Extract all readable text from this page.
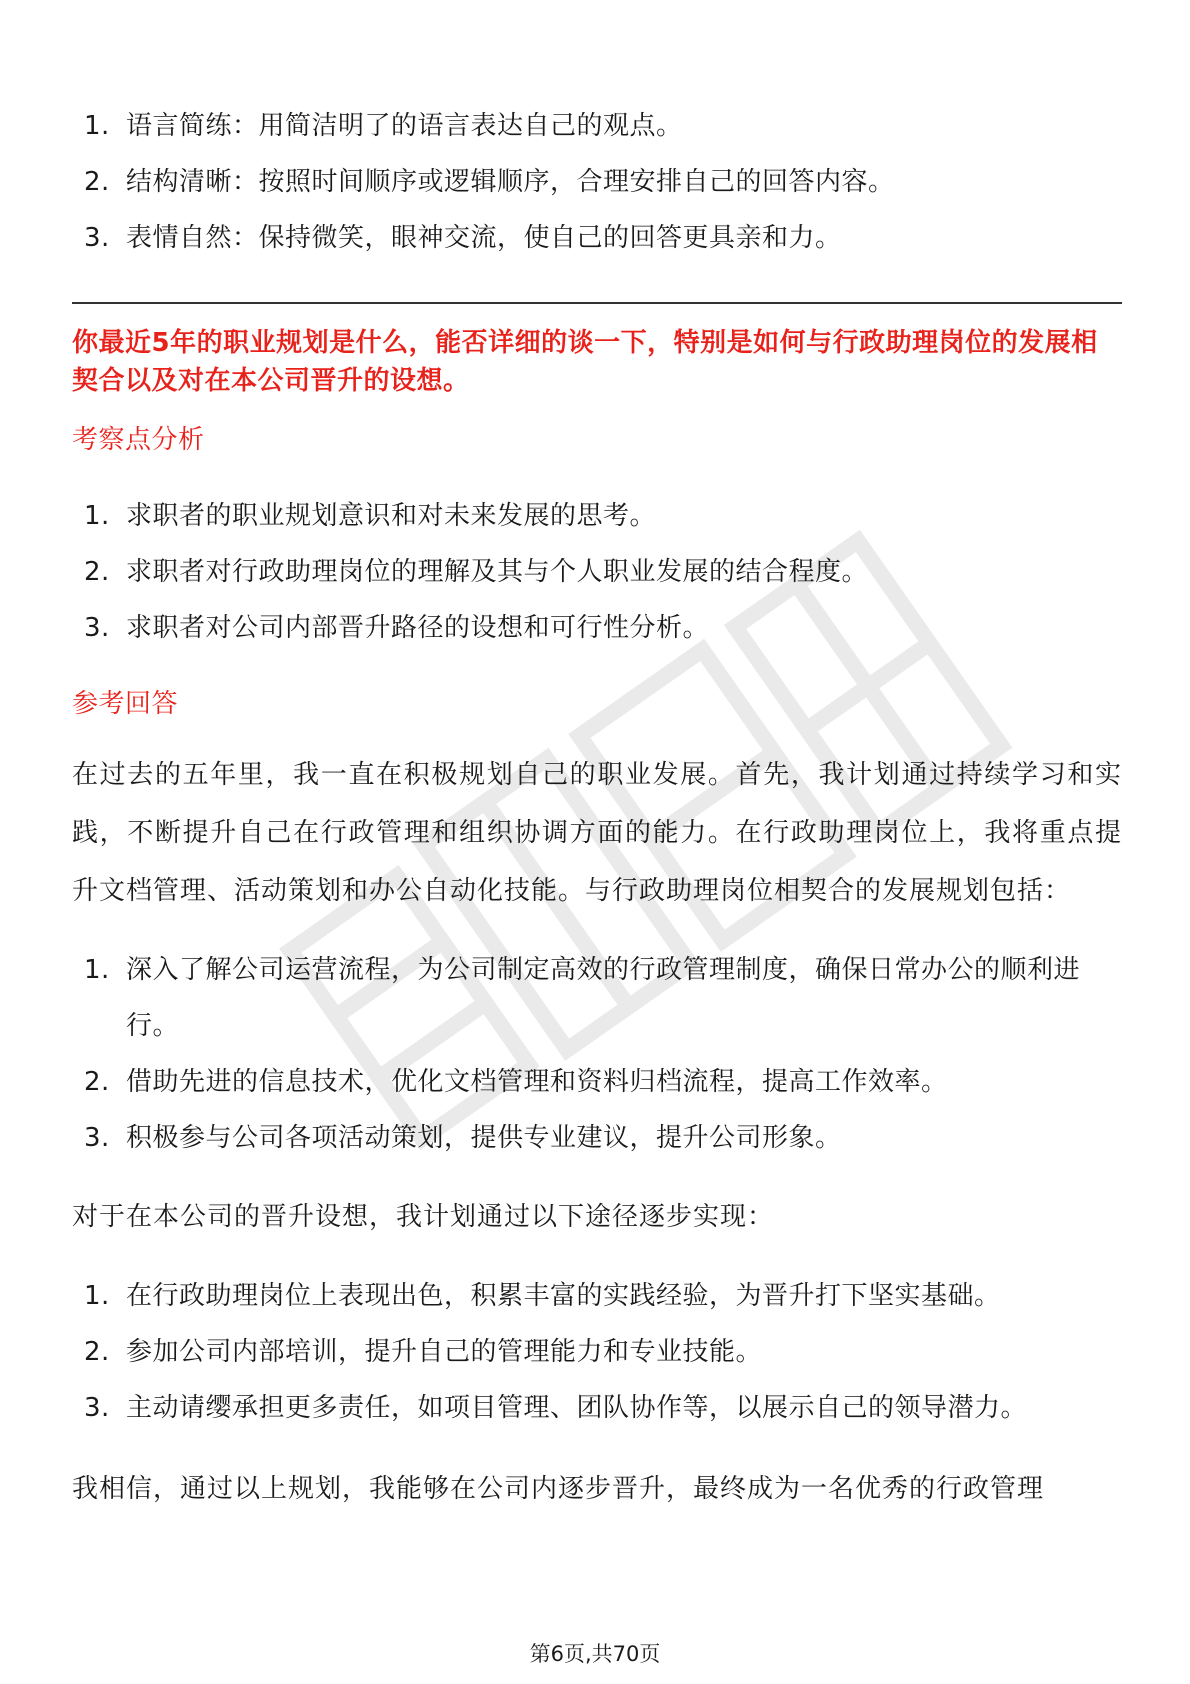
1. 语言简练：用简洁明了的语言表达自己的观点。
2. 结构清晰：按照时间顺序或逻辑顺序，合理安排自己的回答内容。
3. 表情自然：保持微笑，眼神交流，使自己的回答更具亲和力。

你最近5年的职业规划是什么，能否详细的谈一下，特别是如何与行政助理岗位的发展相契合以及对在本公司晋升的设想。

考察点分析

1. 求职者的职业规划意识和对未来发展的思考。
2. 求职者对行政助理岗位的理解及其与个人职业发展的结合程度。
3. 求职者对公司内部晋升路径的设想和可行性分析。

参考回答

在过去的五年里，我一直在积极规划自己的职业发展。首先，我计划通过持续学习和实践，不断提升自己在行政管理和组织协调方面的能力。在行政助理岗位上，我将重点提升文档管理、活动策划和办公自动化技能。与行政助理岗位相契合的发展规划包括：

1. 深入了解公司运营流程，为公司制定高效的行政管理制度，确保日常办公的顺利进行。
2. 借助先进的信息技术，优化文档管理和资料归档流程，提高工作效率。
3. 积极参与公司各项活动策划，提供专业建议，提升公司形象。

对于在本公司的晋升设想，我计划通过以下途径逐步实现：

1. 在行政助理岗位上表现出色，积累丰富的实践经验，为晋升打下坚实基础。
2. 参加公司内部培训，提升自己的管理能力和专业技能。
3. 主动请缨承担更多责任，如项目管理、团队协作等，以展示自己的领导潜力。

我相信，通过以上规划，我能够在公司内逐步晋升，最终成为一名优秀的行政管理

第6页,共70页
